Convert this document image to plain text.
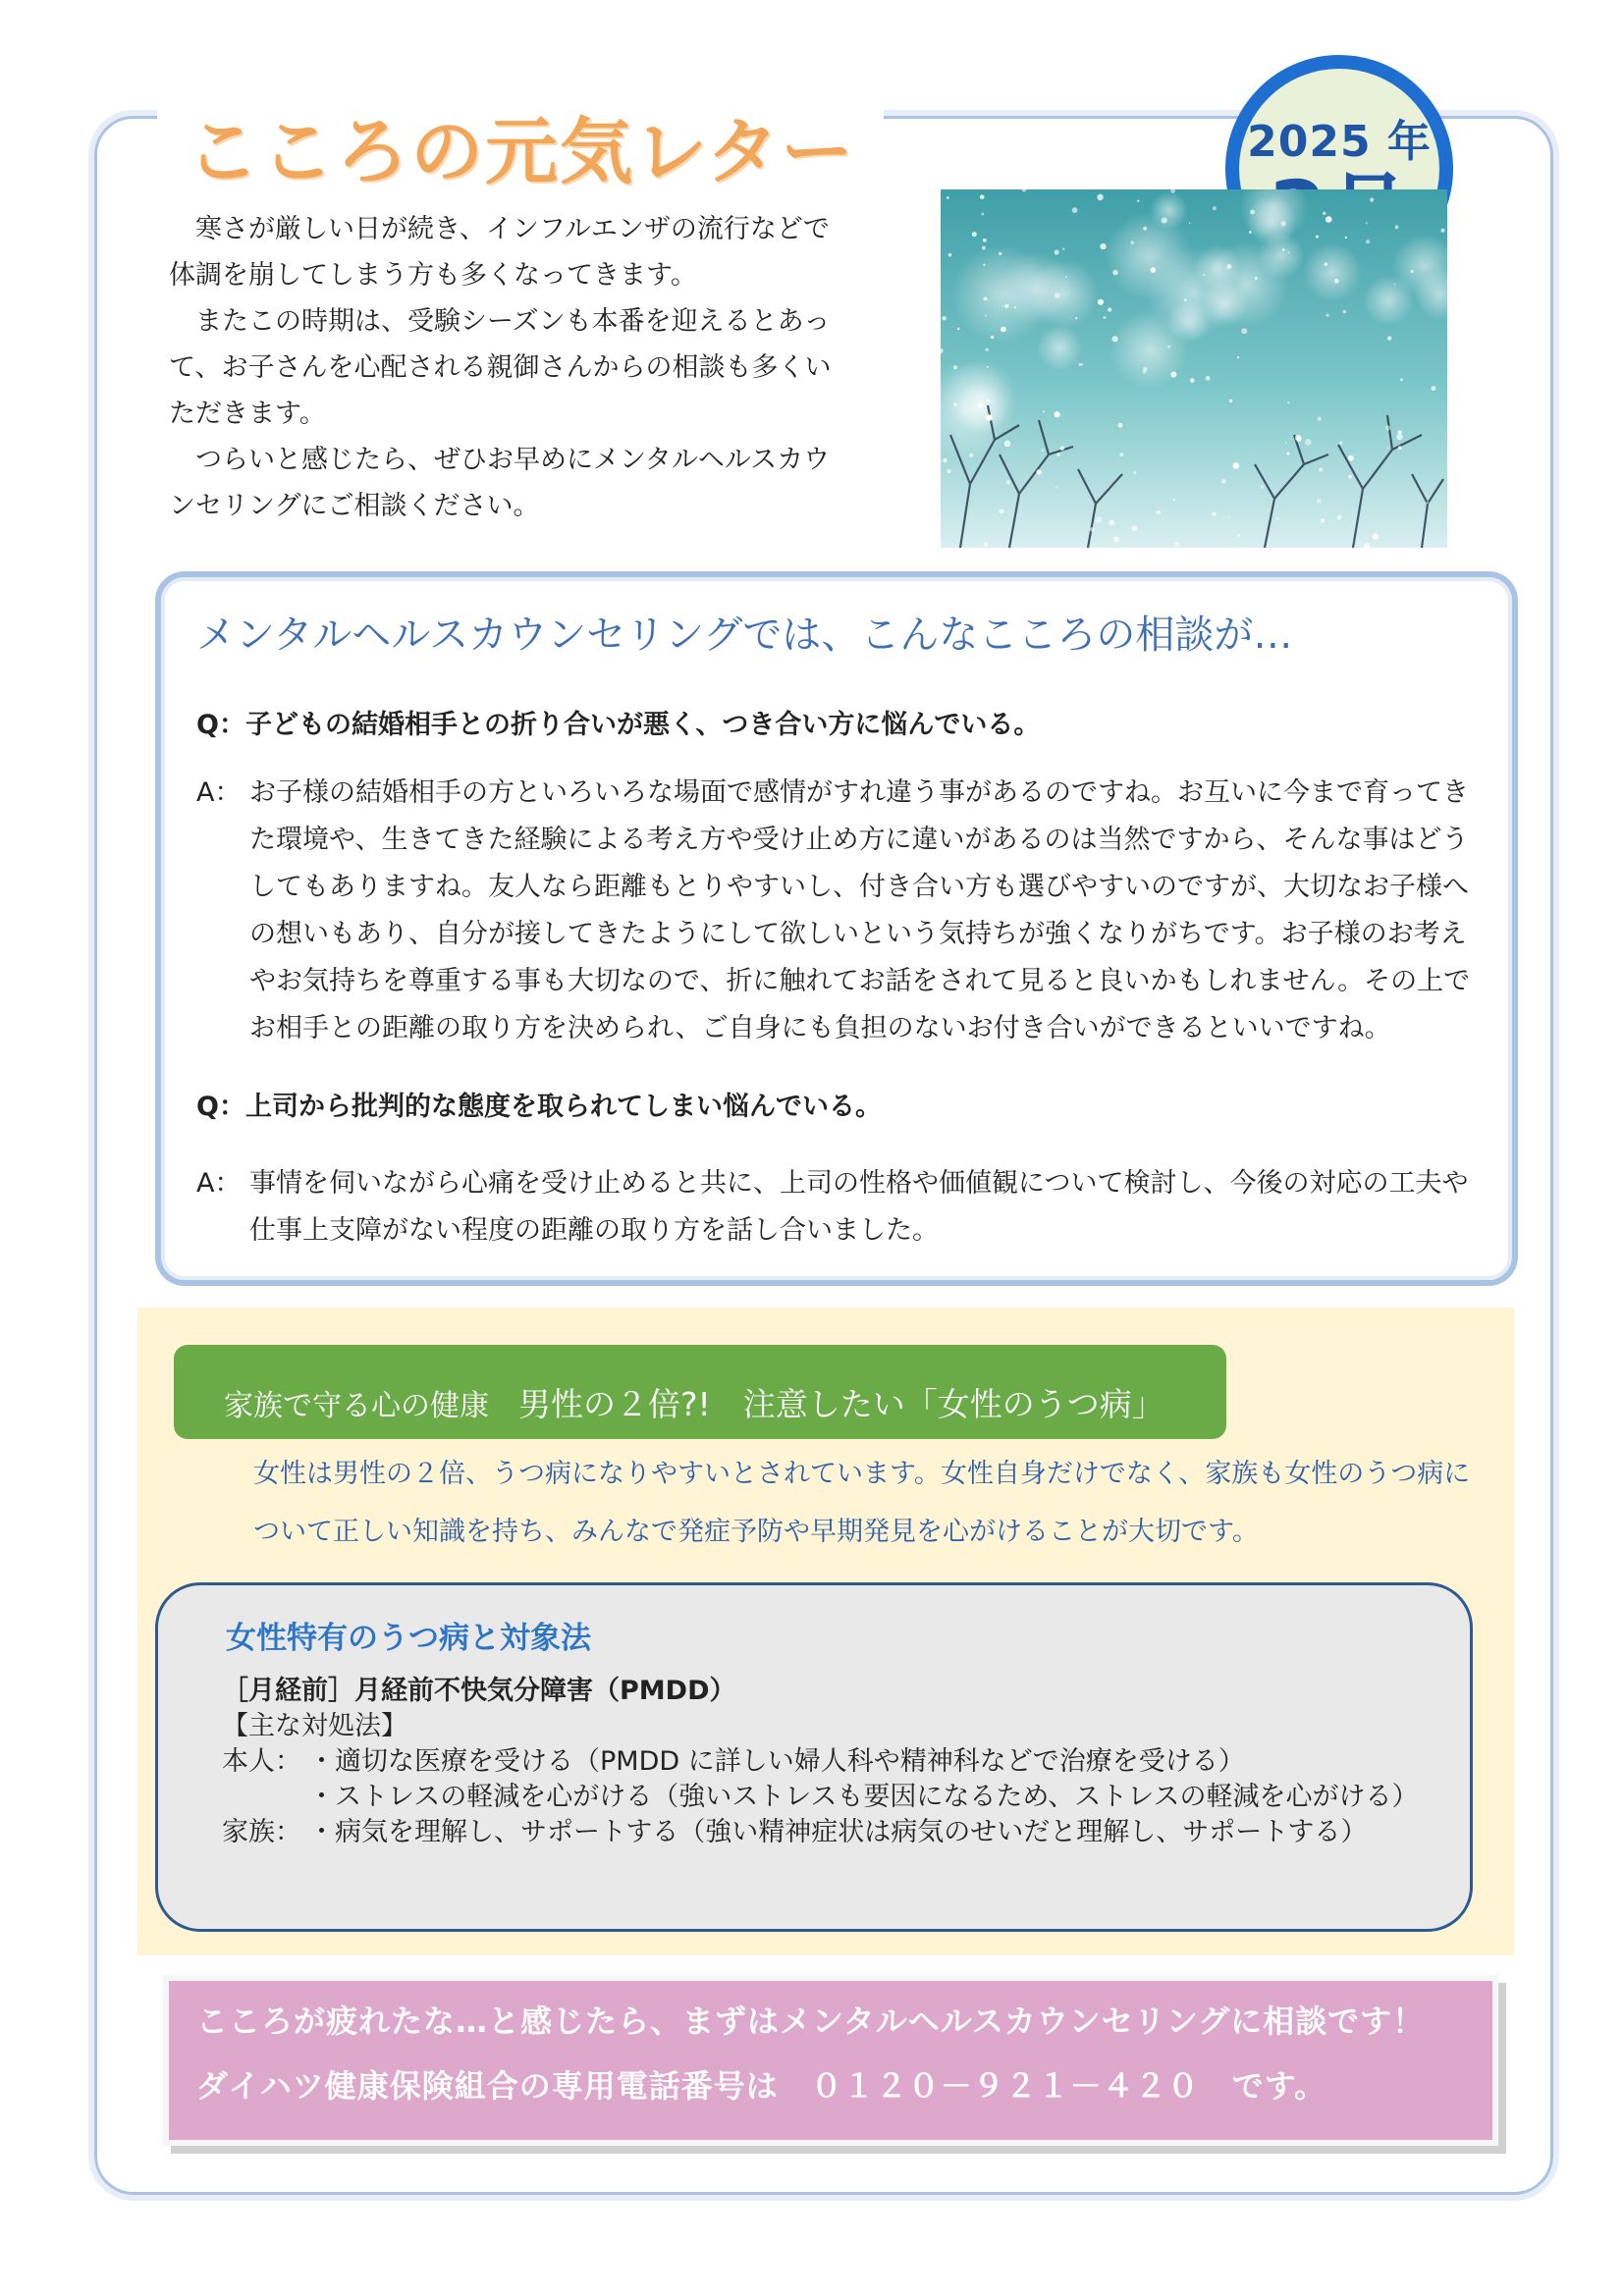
こころの元気レター	2025 年

寒さが厳しい日が続き、インフルエンザの流行などで体調を崩してしまう方も多くなってきます。

またこの時期は、受験シーズンも本番を迎えるとあって、お子さんを心配される親御さんからの相談も多くいただきます。

つらいと感じたら、ぜひお早めにメンタルヘルスカウンセリングにご相談ください。

メンタルヘルスカウンセリングでは、こんなこころの相談が…
Q：子どもの結婚相手との折り合いが悪く、つき合い方に悩んでいる。
A： お子様の結婚相手の方といろいろな場面で感情がすれ違う事があるのですね。お互いに今まで育ってきた環境や、生きてきた経験による考え方や受け止め方に違いがあるのは当然ですから、そんな事はどうしてもありますね。友人なら距離もとりやすいし、付き合い方も選びやすいのですが、大切なお子様への想いもあり、自分が接してきたようにして欲しいという気持ちが強くなりがちです。お子様のお考えやお気持ちを尊重する事も大切なので、折に触れてお話をされて見ると良いかもしれません。その上でお相手との距離の取り方を決められ、ご自身にも負担のないお付き合いができるといいですね。
Q：上司から批判的な態度を取られてしまい悩んでいる。
A： 事情を伺いながら心痛を受け止めると共に、上司の性格や価値観について検討し、今後の対応の工夫や仕事上支障がない程度の距離の取り方を話し合いました。
家族で守る心の健康　 男性の２倍?!　注意したい「女性のうつ病」
女性は男性の２倍、うつ病になりやすいとされています。女性自身だけでなく、家族も女性のうつ病に
ついて正しい知識を持ち、みんなで発症予防や早期発見を心がけることが大切です。
女性特有のうつ病と対象法
［月経前］月経前不快気分障害（PMDD）
【主な対処法】
本人： ・適切な医療を受ける（PMDD に詳しい婦人科や精神科などで治療を受ける）
・ストレスの軽減を心がける（強いストレスも要因になるため、ストレスの軽減を心がける）
家族： ・病気を理解し、サポートする（強い精神症状は病気のせいだと理解し、サポートする）
こころが疲れたな…と感じたら、まずはメンタルヘルスカウンセリングに相談です！
ダイハツ健康保険組合の専用電話番号は　０１２０－９２１－４２０　です。
